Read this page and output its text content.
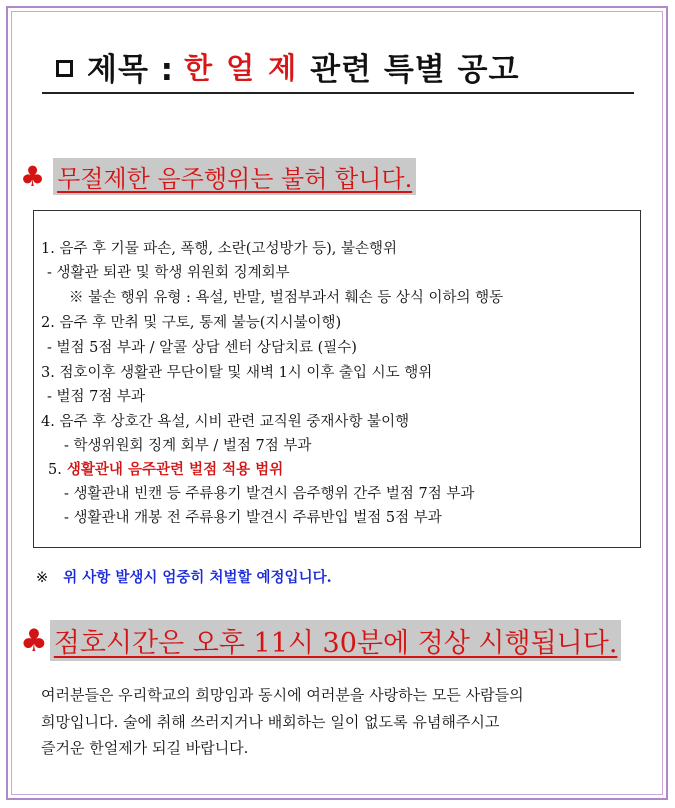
제목 : 한얼제 관련 특별 공고
♣ 무절제한 음주행위는 불허 합니다.
1. 음주 후 기물 파손, 폭행, 소란(고성방가 등), 불손행위
- 생활관 퇴관 및 학생 위원회 징계회부
※ 불손 행위 유형 : 욕설, 반말, 벌점부과서 훼손 등 상식 이하의 행동
2. 음주 후 만취 및 구토, 통제 불능(지시불이행)
- 벌점 5점 부과 / 알콜 상담 센터 상담치료 (필수)
3. 점호이후 생활관 무단이탈 및 새벽 1시 이후 출입 시도 행위
- 벌점 7점 부과
4. 음주 후 상호간 욕설, 시비 관련 교직원 중재사항 불이행
- 학생위원회 징계 회부 / 벌점 7점 부과
5. 생활관내 음주관련 벌점 적용 범위
- 생활관내 빈캔 등 주류용기 발견시 음주행위 간주 벌점 7점 부과
- 생활관내 개봉 전 주류용기 발견시 주류반입 벌점 5점 부과
※ 위 사항 발생시 엄중히 처벌할 예정입니다.
♣ 점호시간은 오후 11시 30분에 정상 시행됩니다.
여러분들은 우리학교의 희망임과 동시에 여러분을 사랑하는 모든 사람들의
희망입니다. 술에 취해 쓰러지거나 배회하는 일이 없도록 유념해주시고
즐거운 한얼제가 되길 바랍니다.
